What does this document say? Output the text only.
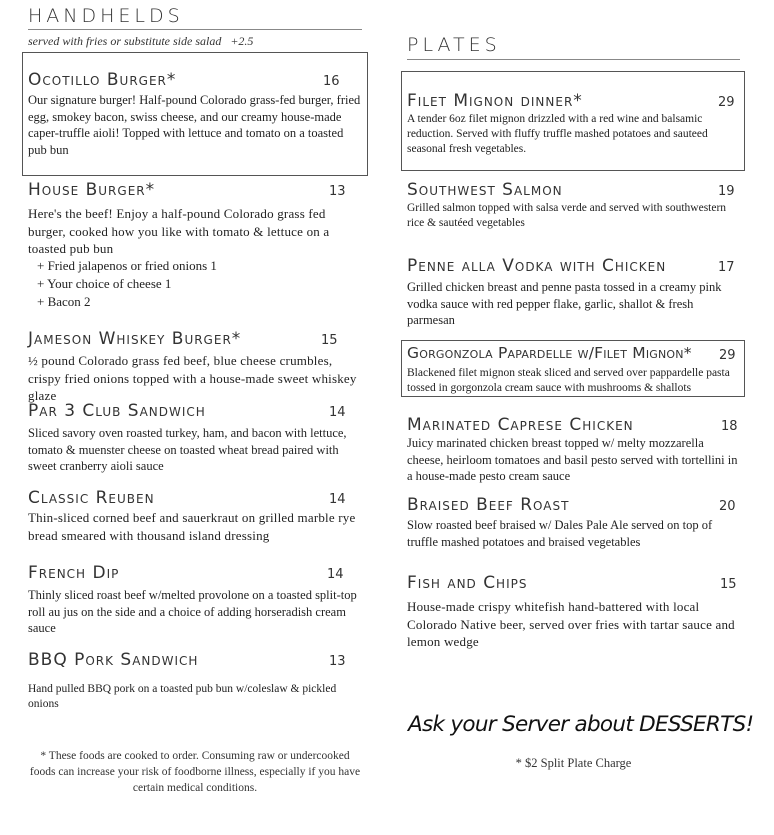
HANDHELDS
served with fries or substitute side salad   +2.5
Ocotillo Burger*	16
Our signature burger! Half-pound Colorado grass-fed burger, fried egg, smokey bacon, swiss cheese, and our creamy house-made caper-truffle aioli! Topped with lettuce and tomato on a toasted pub bun
House Burger*	13
Here's the beef! Enjoy a half-pound Colorado grass fed burger, cooked how you like with tomato & lettuce on a toasted pub bun
+ Fried jalapenos or fried onions 1
+ Your choice of cheese 1
+ Bacon 2
Jameson Whiskey Burger*	15
½ pound Colorado grass fed beef, blue cheese crumbles, crispy fried onions topped with a house-made sweet whiskey glaze
Par 3 Club Sandwich	14
Sliced savory oven roasted turkey, ham, and bacon with lettuce, tomato & muenster cheese on toasted wheat bread paired with sweet cranberry aioli sauce
Classic Reuben	14
Thin-sliced corned beef and sauerkraut on grilled marble rye bread smeared with thousand island dressing
French Dip	14
Thinly sliced roast beef w/melted provolone on a toasted split-top roll au jus on the side and a choice of adding horseradish cream sauce
BBQ Pork Sandwich	13
Hand pulled BBQ pork on a toasted pub bun w/coleslaw & pickled onions
* These foods are cooked to order. Consuming raw or undercooked foods can increase your risk of foodborne illness, especially if you have certain medical conditions.
PLATES
Filet Mignon dinner*	29
A tender 6oz filet mignon drizzled with a red wine and balsamic reduction. Served with fluffy truffle mashed potatoes and sauteed seasonal fresh vegetables.
Southwest Salmon	19
Grilled salmon topped with salsa verde and served with southwestern rice & sautéed vegetables
Penne alla Vodka with Chicken	17
Grilled chicken breast and penne pasta tossed in a creamy pink vodka sauce with red pepper flake, garlic, shallot & fresh parmesan
Gorgonzola Papardelle w/Filet Mignon* 29
Blackened filet mignon steak sliced and served over pappardelle pasta tossed in gorgonzola cream sauce with mushrooms & shallots
Marinated Caprese Chicken	18
Juicy marinated chicken breast topped w/ melty mozzarella cheese, heirloom tomatoes and basil pesto served with tortellini in a house-made pesto cream sauce
Braised Beef Roast	20
Slow roasted beef braised w/ Dales Pale Ale served on top of truffle mashed potatoes and braised vegetables
Fish and Chips	15
House-made crispy whitefish hand-battered with local Colorado Native beer, served over fries with tartar sauce and lemon wedge
Ask your Server about DESSERTS!
* $2 Split Plate Charge
